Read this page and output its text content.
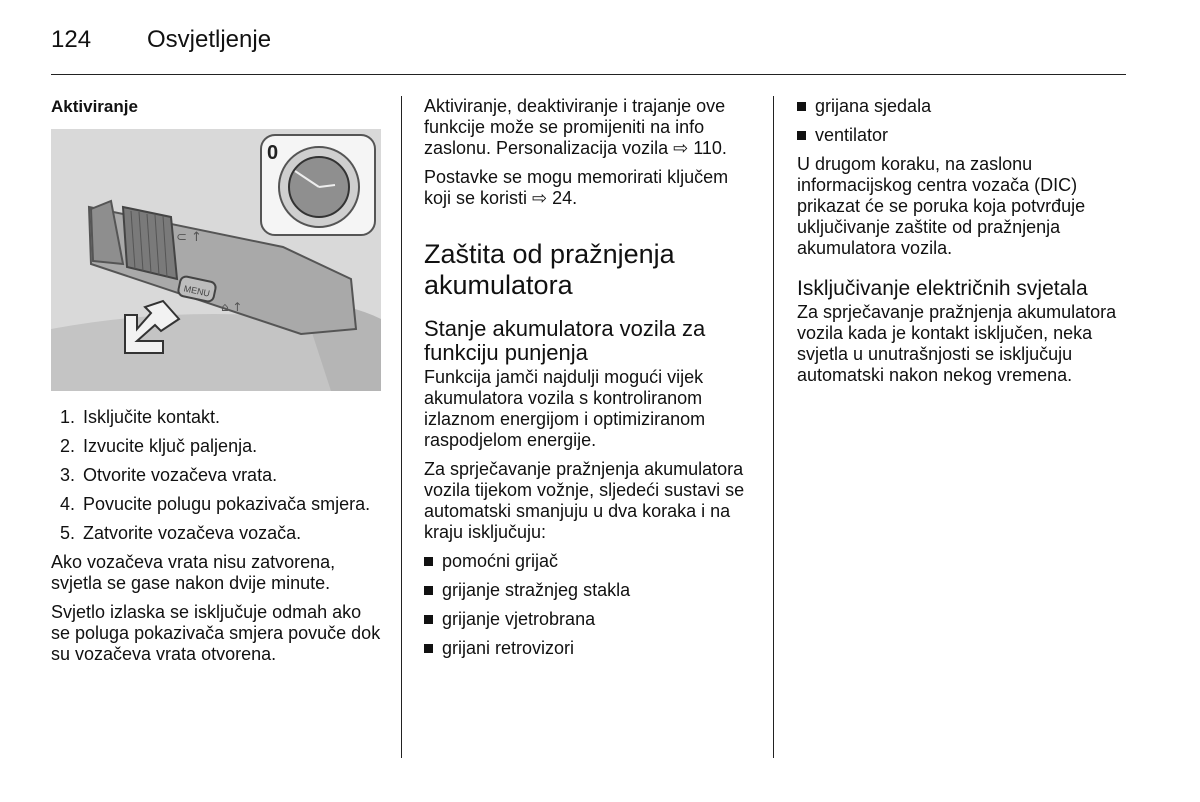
124 Osvjetljenje
Aktiviranje
MENU
⊂ ↑
⌂ ↑
0
1. Isključite kontakt.
2. Izvucite ključ paljenja.
3. Otvorite vozačeva vrata.
4. Povucite polugu pokazivača smjera.
5. Zatvorite vozačeva vozača.

Ako vozačeva vrata nisu zatvorena, svjetla se gase nakon dvije minute.

Svjetlo izlaska se isključuje odmah ako se poluga pokazivača smjera povuče dok su vozačeva vrata otvorena.

Aktiviranje, deaktiviranje i trajanje ove funkcije može se promijeniti na info zaslonu. Personalizacija vozila ⇨ 110.

Postavke se mogu memorirati ključem koji se koristi ⇨ 24.

Zaštita od pražnjenja akumulatora
Stanje akumulatora vozila za funkciju punjenja

Funkcija jamči najdulji mogući vijek akumulatora vozila s kontroliranom izlaznom energijom i optimiziranom raspodjelom energije.

Za sprječavanje pražnjenja akumulatora vozila tijekom vožnje, sljedeći sustavi se automatski smanjuju u dva koraka i na kraju isključuju:

pomoćni grijač
grijanje stražnjeg stakla
grijanje vjetrobrana
grijani retrovizori
grijana sjedala
ventilator

U drugom koraku, na zaslonu informacijskog centra vozača (DIC) prikazat će se poruka koja potvrđuje uključivanje zaštite od pražnjenja akumulatora vozila.

Isključivanje električnih svjetala

Za sprječavanje pražnjenja akumulatora vozila kada je kontakt isključen, neka svjetla u unutrašnjosti se isključuju automatski nakon nekog vremena.
